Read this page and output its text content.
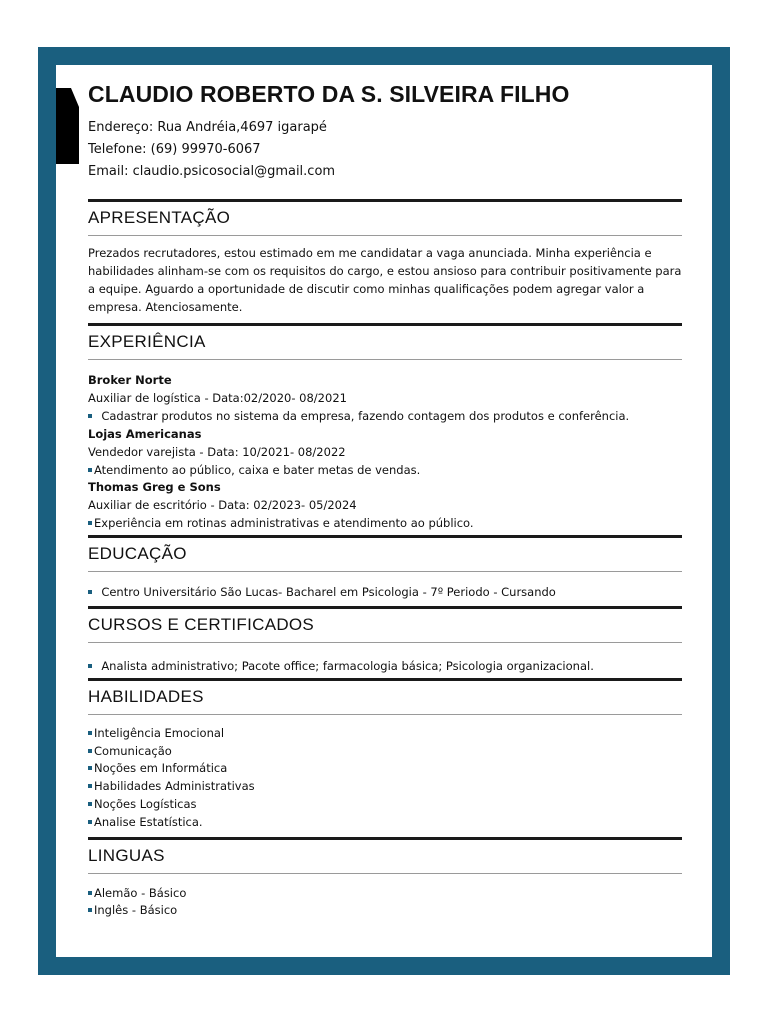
CLAUDIO ROBERTO DA S. SILVEIRA FILHO
Endereço: Rua Andréia,4697 igarapé
Telefone: (69) 99970-6067
Email: claudio.psicosocial@gmail.com
APRESENTAÇÃO

Prezados recrutadores, estou estimado em me candidatar a vaga anunciada. Minha experiência e habilidades alinham-se com os requisitos do cargo, e estou ansioso para contribuir positivamente para a equipe. Aguardo a oportunidade de discutir como minhas qualificações podem agregar valor a empresa. Atenciosamente.

EXPERIÊNCIA
Broker Norte
Auxiliar de logística - Data:02/2020- 08/2021
Cadastrar produtos no sistema da empresa, fazendo contagem dos produtos e conferência.
Lojas Americanas
Vendedor varejista - Data: 10/2021- 08/2022
Atendimento ao público, caixa e bater metas de vendas.
Thomas Greg e Sons
Auxiliar de escritório - Data: 02/2023- 05/2024
Experiência em rotinas administrativas e atendimento ao público.
EDUCAÇÃO
Centro Universitário São Lucas- Bacharel em Psicologia - 7º Periodo - Cursando
CURSOS E CERTIFICADOS
Analista administrativo; Pacote office; farmacologia básica; Psicologia organizacional.
HABILIDADES
Inteligência Emocional
Comunicação
Noções em Informática
Habilidades Administrativas
Noções Logísticas
Analise Estatística.
LINGUAS
Alemão - Básico
Inglês - Básico
